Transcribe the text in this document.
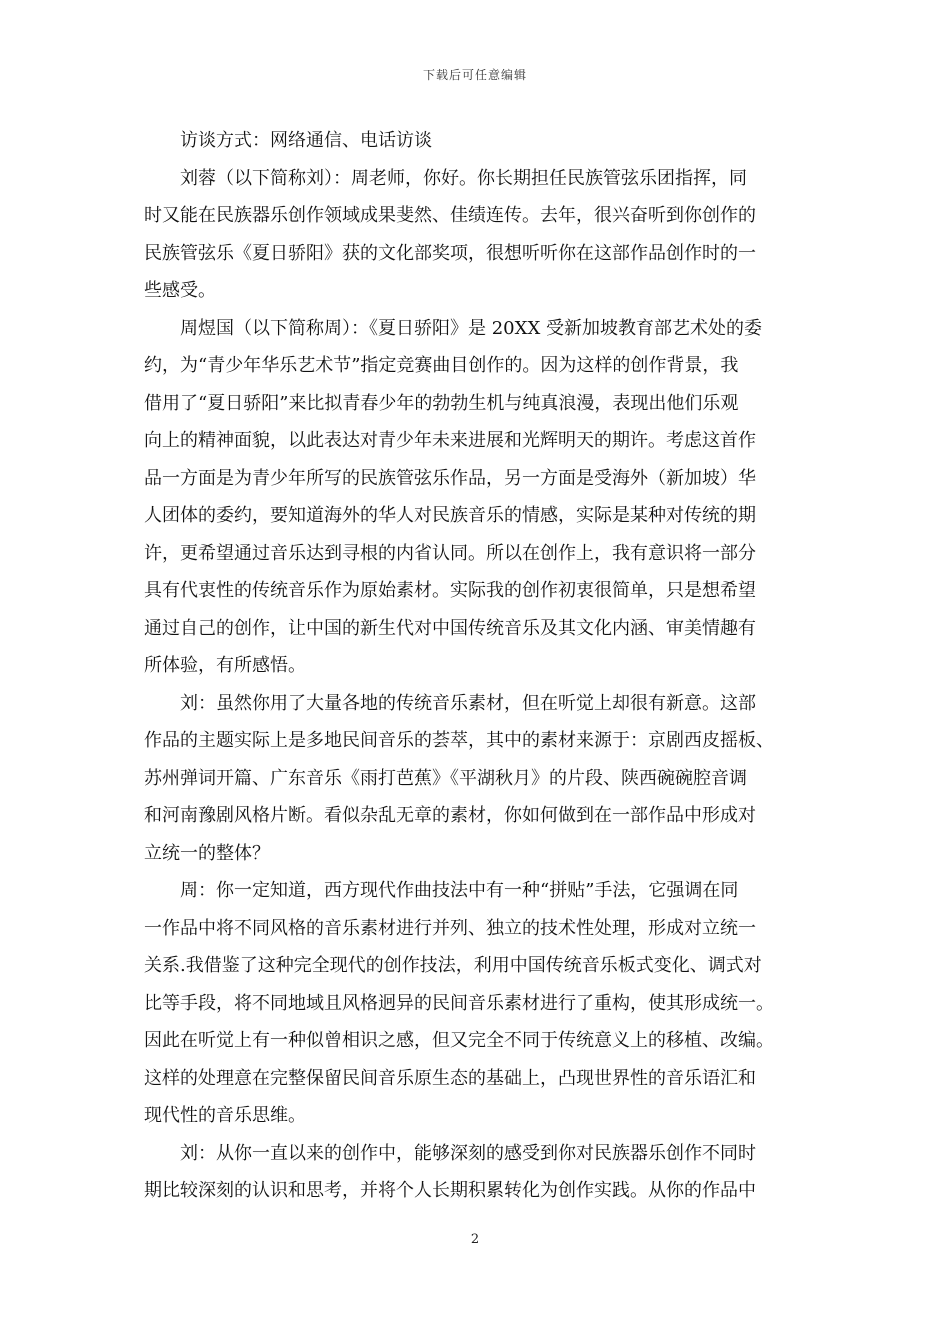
下载后可任意编辑

访谈方式：网络通信、电话访谈

刘蓉（以下简称刘）：周老师，你好。你长期担任民族管弦乐团指挥，同
时又能在民族器乐创作领域成果斐然、佳绩连传。去年，很兴奋听到你创作的
民族管弦乐《夏日骄阳》获的文化部奖项，很想听听你在这部作品创作时的一
些感受。

周煜国（以下简称周）：《夏日骄阳》是 20XX 受新加坡教育部艺术处的委
约，为“青少年华乐艺术节”指定竞赛曲目创作的。因为这样的创作背景，我
借用了“夏日骄阳”来比拟青春少年的勃勃生机与纯真浪漫，表现出他们乐观
向上的精神面貌，以此表达对青少年未来进展和光辉明天的期许。考虑这首作
品一方面是为青少年所写的民族管弦乐作品，另一方面是受海外（新加坡）华
人团体的委约，要知道海外的华人对民族音乐的情感，实际是某种对传统的期
许，更希望通过音乐达到寻根的内省认同。所以在创作上，我有意识将一部分
具有代衷性的传统音乐作为原始素材。实际我的创作初衷很简单，只是想希望
通过自己的创作，让中国的新生代对中国传统音乐及其文化内涵、审美情趣有
所体验，有所感悟。

刘：虽然你用了大量各地的传统音乐素材，但在听觉上却很有新意。这部
作品的主题实际上是多地民间音乐的荟萃，其中的素材来源于：京剧西皮摇板、
苏州弹词开篇、广东音乐《雨打芭蕉》《平湖秋月》的片段、陕西碗碗腔音调
和河南豫剧风格片断。看似杂乱无章的素材，你如何做到在一部作品中形成对
立统一的整体？

周：你一定知道，西方现代作曲技法中有一种“拼贴”手法，它强调在同
一作品中将不同风格的音乐素材进行并列、独立的技术性处理，形成对立统一
关系.我借鉴了这种完全现代的创作技法，利用中国传统音乐板式变化、调式对
比等手段，将不同地域且风格迥异的民间音乐素材进行了重构，使其形成统一。
因此在听觉上有一种似曾相识之感，但又完全不同于传统意义上的移植、改编。
这样的处理意在完整保留民间音乐原生态的基础上，凸现世界性的音乐语汇和
现代性的音乐思维。

刘：从你一直以来的创作中，能够深刻的感受到你对民族器乐创作不同时
期比较深刻的认识和思考，并将个人长期积累转化为创作实践。从你的作品中

2
